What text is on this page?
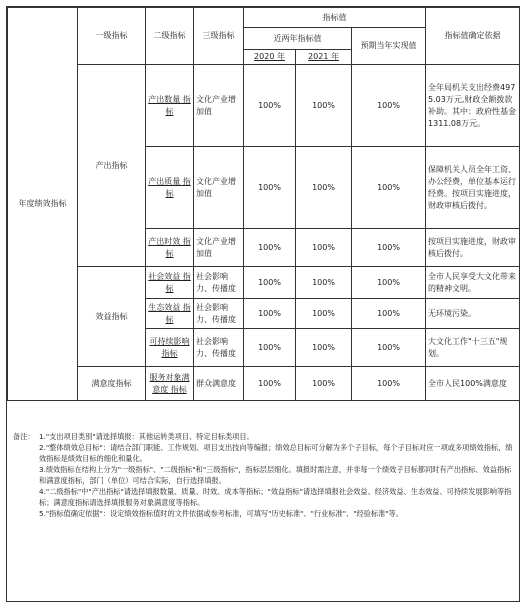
年度绩效指标	一级指标	二级指标	三级指标	指标值			指标值确定依据
				近两年指标值		预期当年实现值	
				2020 年	2021 年		
	产出指标	产出数量 指标	文化产业增加值	100%	100%	100%	全年局机关支出经费4975.03万元,财政全额拨款补助。其中：政府性基金1311.08万元。
		产出质量 指标	文化产业增加值	100%	100%	100%	保障机关人员全年工资、办公经费，单位基本运行经费。按项目实施进度，财政审核后拨付。
		产出时效 指标	文化产业增加值	100%	100%	100%	按项目实施进度，财政审核后拨付。
	效益指标	社会效益 指标	社会影响力、传播度	100%	100%	100%	全市人民享受大文化带来的精神文明。
		生态效益 指标	社会影响力、传播度	100%	100%	100%	无环境污染。
		可持续影响 指标	社会影响力、传播度	100%	100%	100%	大文化工作"十三五"规划。
	满意度指标	服务对象满意度 指标	群众满意度	100%	100%	100%	全市人民100%满意度
备注： 1."支出项目类别"请选择填报：其他运转类项目、特定目标类项目。

2."整体绩效总目标"：请结合部门职能、工作规划、项目支出技向等编报；绩效总目标可分解为多个子目标，每个子目标对应一项或多项绩效指标，绩效指标是绩效目标的细化和量化。

3.绩效指标在结构上分为"一级指标"、"二级指标"和"三级指标"，指标层层细化。填报时需注意，并非每一个绩效子目标都同时有产出指标、效益指标和满意度指标，部门（单位）可结合实际，自行选择填报。

4."二级指标"中"产出指标"请选择填报数量、质量、时效、成本等指标；"效益指标"请选择填报社会效益、经济效益、生态效益、可持续发展影响等指标；满意度指标请选择填报服务对象满意度等指标。

5."指标值确定依据"：设定绩效指标值时的文件依据或参考标准，可填写"历史标准"、"行业标准"、"经验标准"等。
